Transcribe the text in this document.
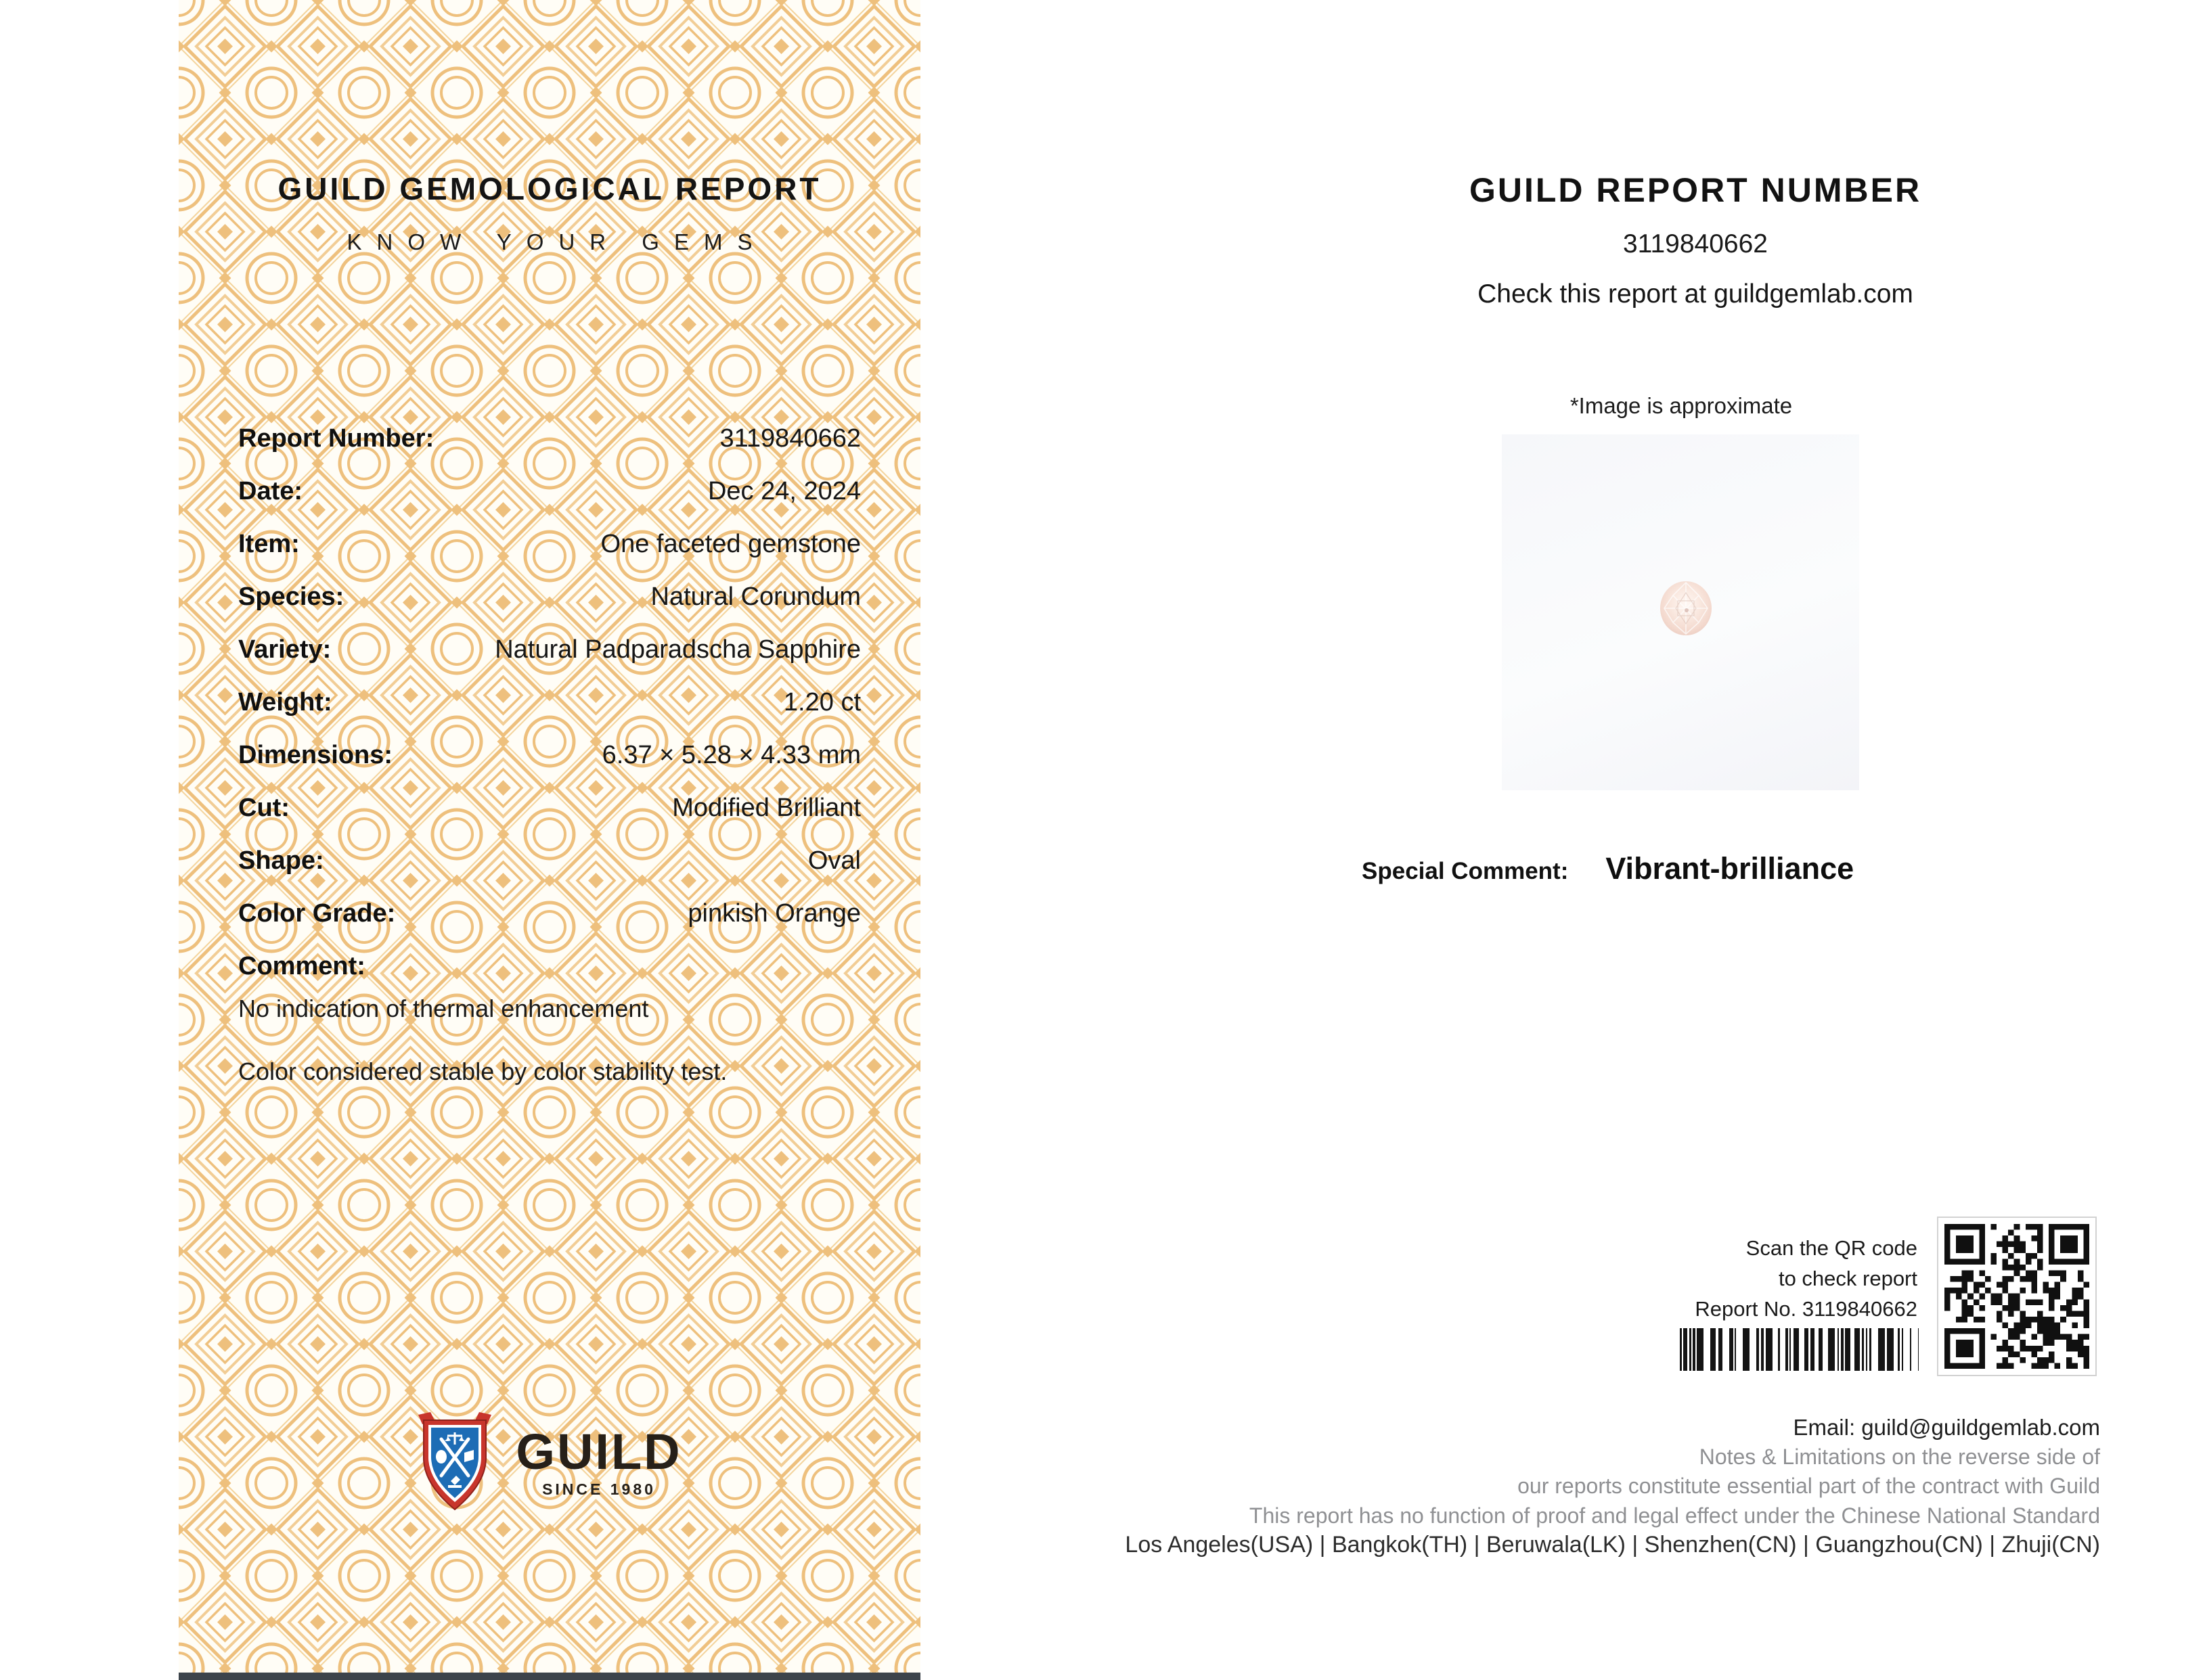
GUILD GEMOLOGICAL REPORT
KNOW YOUR GEMS
Report Number:	3119840662
Date:	Dec 24, 2024
Item:	One faceted gemstone
Species:	Natural Corundum
Variety:	Natural Padparadscha Sapphire
Weight:	1.20 ct
Dimensions:	6.37 × 5.28 × 4.33 mm
Cut:	Modified Brilliant
Shape:	Oval
Color Grade:	pinkish Orange
Comment:
No indication of thermal enhancement
Color considered stable by color stability test.
GUILD
SINCE 1980
GUILD REPORT NUMBER
3119840662
Check this report at guildgemlab.com
*Image is approximate
Special Comment: Vibrant-brilliance
Scan the QR code
to check report
Report No. 3119840662
Email: guild@guildgemlab.com
Notes & Limitations on the reverse side of
our reports constitute essential part of the contract with Guild
This report has no function of proof and legal effect under the Chinese National Standard
Los Angeles(USA) | Bangkok(TH) | Beruwala(LK) | Shenzhen(CN) | Guangzhou(CN) | Zhuji(CN)
